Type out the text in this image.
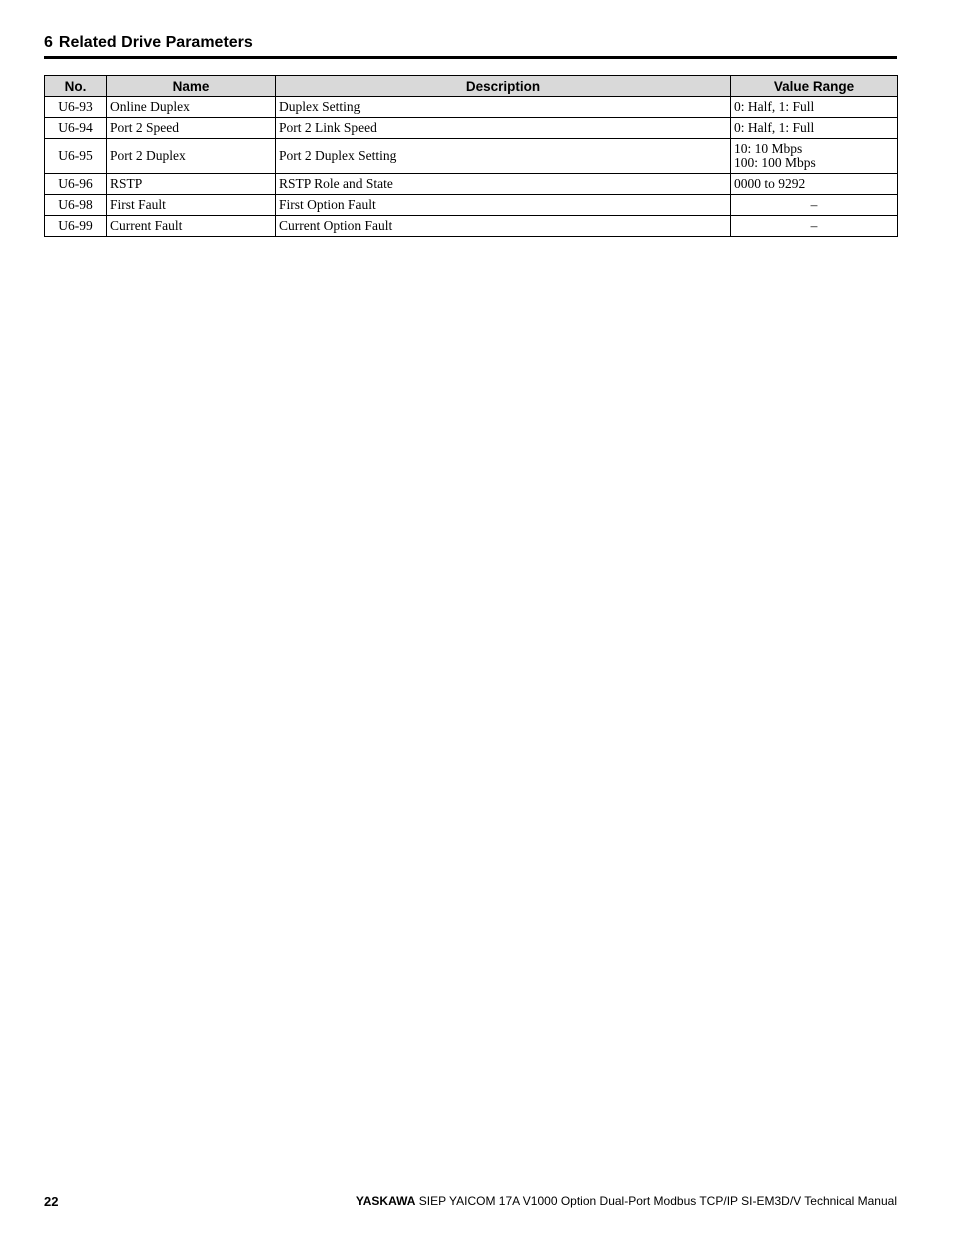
6 Related Drive Parameters
No.	Name	Description	Value Range
U6-93	Online Duplex	Duplex Setting	0: Half, 1: Full
U6-94	Port 2 Speed	Port 2 Link Speed	0: Half, 1: Full
U6-95	Port 2 Duplex	Port 2 Duplex Setting	10: 10 Mbps
100: 100 Mbps

U6-96	RSTP	RSTP Role and State	0000 to 9292
U6-98	First Fault	First Option Fault	–
U6-99	Current Fault	Current Option Fault	–
22	YASKAWA SIEP YAICOM 17A V1000 Option Dual-Port Modbus TCP/IP SI-EM3D/V Technical Manual
